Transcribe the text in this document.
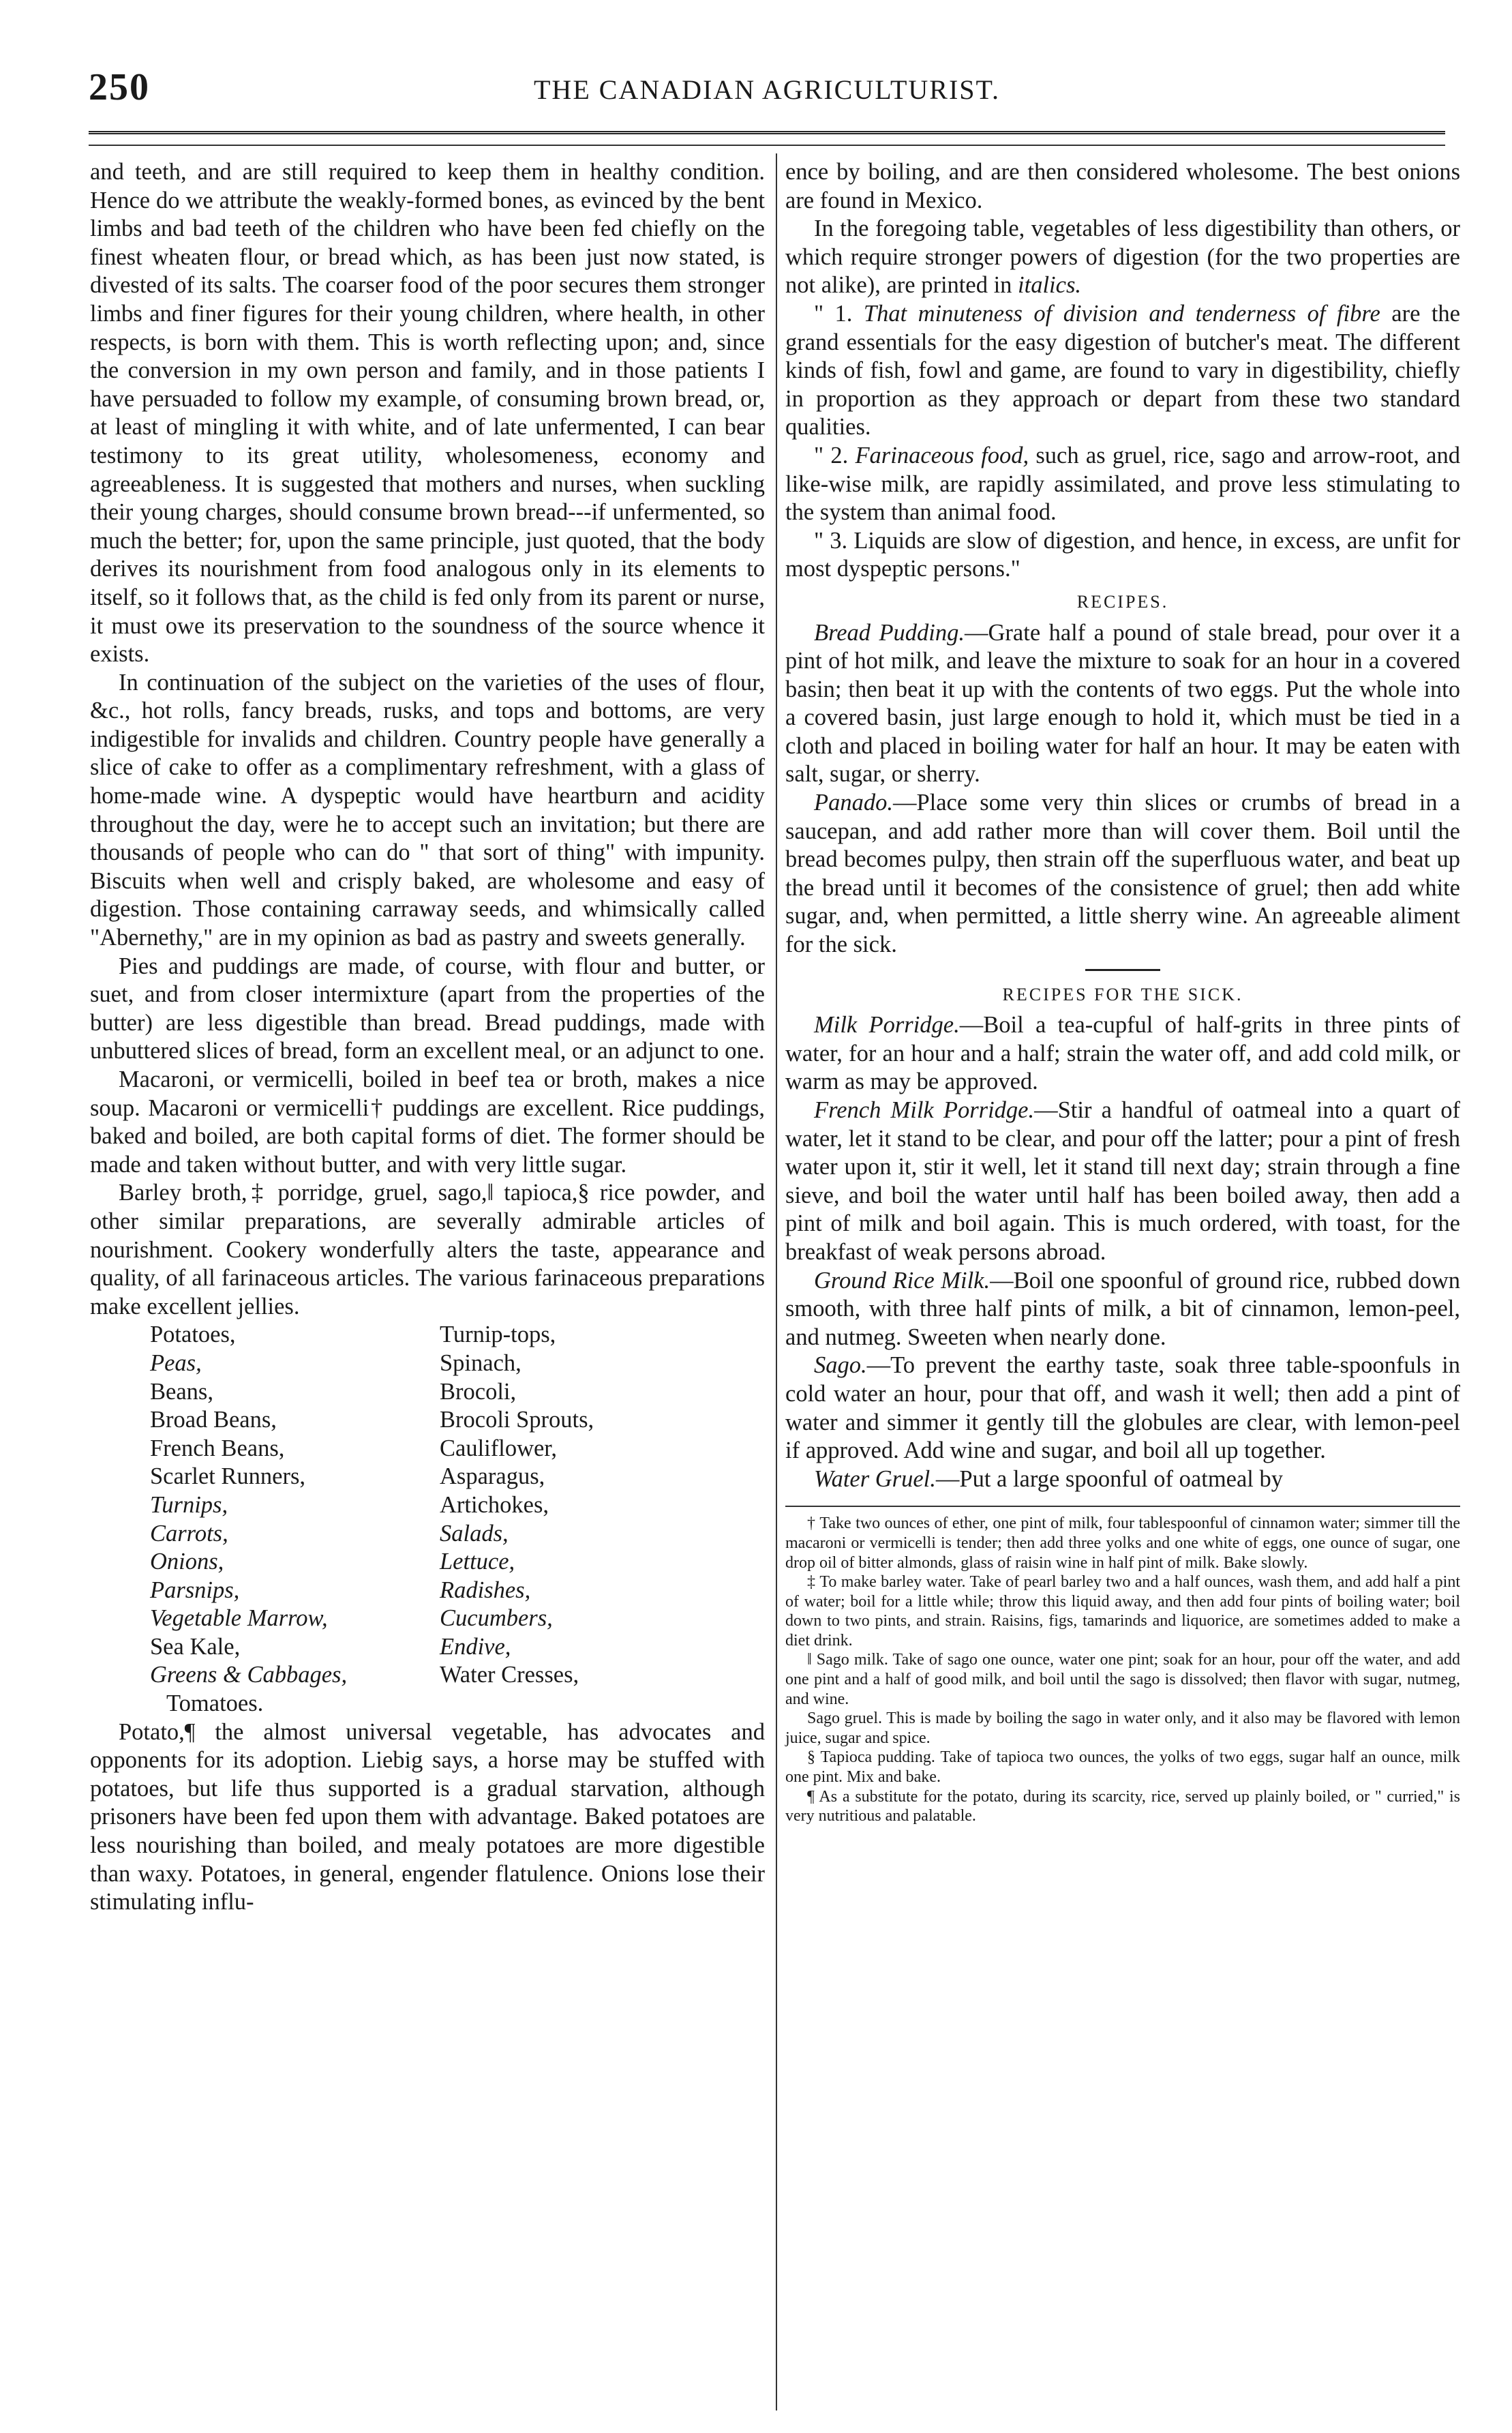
250	THE CANADIAN AGRICULTURIST.

and teeth, and are still required to keep them in healthy condition. Hence do we attribute the weakly-formed bones, as evinced by the bent limbs and bad teeth of the children who have been fed chiefly on the finest wheaten flour, or bread which, as has been just now stated, is divested of its salts. The coarser food of the poor secures them stronger limbs and finer figures for their young children, where health, in other respects, is born with them. This is worth reflecting upon; and, since the conversion in my own person and family, and in those patients I have persuaded to follow my example, of consuming brown bread, or, at least of mingling it with white, and of late unfermented, I can bear testimony to its great utility, wholesomeness, economy and agreeableness. It is suggested that mothers and nurses, when suckling their young charges, should consume brown bread---if unfermented, so much the better; for, upon the same principle, just quoted, that the body derives its nourishment from food analogous only in its elements to itself, so it follows that, as the child is fed only from its parent or nurse, it must owe its preservation to the soundness of the source whence it exists.

In continuation of the subject on the varieties of the uses of flour, &c., hot rolls, fancy breads, rusks, and tops and bottoms, are very indigestible for invalids and children. Country people have generally a slice of cake to offer as a complimentary refreshment, with a glass of home-made wine. A dyspeptic would have heartburn and acidity throughout the day, were he to accept such an invitation; but there are thousands of people who can do " that sort of thing" with impunity. Biscuits when well and crisply baked, are wholesome and easy of digestion. Those containing carraway seeds, and whimsically called "Abernethy," are in my opinion as bad as pastry and sweets generally.

Pies and puddings are made, of course, with flour and butter, or suet, and from closer intermixture (apart from the properties of the butter) are less digestible than bread. Bread puddings, made with unbuttered slices of bread, form an excellent meal, or an adjunct to one.

Macaroni, or vermicelli, boiled in beef tea or broth, makes a nice soup. Macaroni or vermicelli† puddings are excellent. Rice puddings, baked and boiled, are both capital forms of diet. The former should be made and taken without butter, and with very little sugar.

Barley broth,‡ porridge, gruel, sago,‖ tapioca,§ rice powder, and other similar preparations, are severally admirable articles of nourishment. Cookery wonderfully alters the taste, appearance and quality, of all farinaceous articles. The various farinaceous preparations make excellent jellies.

Potatoes,	Turnip-tops,
Peas,	Spinach,
Beans,	Brocoli,
Broad Beans,	Brocoli Sprouts,
French Beans,	Cauliflower,
Scarlet Runners,	Asparagus,
Turnips,	Artichokes,
Carrots,	Salads,
Onions,	Lettuce,
Parsnips,	Radishes,
Vegetable Marrow,	Cucumbers,
Sea Kale,	Endive,
Greens & Cabbages,	Water Cresses,
Tomatoes.

Potato,¶ the almost universal vegetable, has advocates and opponents for its adoption. Liebig says, a horse may be stuffed with potatoes, but life thus supported is a gradual starvation, although prisoners have been fed upon them with advantage. Baked potatoes are less nourishing than boiled, and mealy potatoes are more digestible than waxy. Potatoes, in general, engender flatulence. Onions lose their stimulating influ-

ence by boiling, and are then considered wholesome. The best onions are found in Mexico.

In the foregoing table, vegetables of less digestibility than others, or which require stronger powers of digestion (for the two properties are not alike), are printed in italics.

" 1. That minuteness of division and tenderness of fibre are the grand essentials for the easy digestion of butcher's meat. The different kinds of fish, fowl and game, are found to vary in digestibility, chiefly in proportion as they approach or depart from these two standard qualities.

" 2. Farinaceous food, such as gruel, rice, sago and arrow-root, and like-wise milk, are rapidly assimilated, and prove less stimulating to the system than animal food.

" 3. Liquids are slow of digestion, and hence, in excess, are unfit for most dyspeptic persons."

RECIPES.

Bread Pudding.—Grate half a pound of stale bread, pour over it a pint of hot milk, and leave the mixture to soak for an hour in a covered basin; then beat it up with the contents of two eggs. Put the whole into a covered basin, just large enough to hold it, which must be tied in a cloth and placed in boiling water for half an hour. It may be eaten with salt, sugar, or sherry.

Panado.—Place some very thin slices or crumbs of bread in a saucepan, and add rather more than will cover them. Boil until the bread becomes pulpy, then strain off the superfluous water, and beat up the bread until it becomes of the consistence of gruel; then add white sugar, and, when permitted, a little sherry wine. An agreeable aliment for the sick.

RECIPES FOR THE SICK.

Milk Porridge.—Boil a tea-cupful of half-grits in three pints of water, for an hour and a half; strain the water off, and add cold milk, or warm as may be approved.

French Milk Porridge.—Stir a handful of oatmeal into a quart of water, let it stand to be clear, and pour off the latter; pour a pint of fresh water upon it, stir it well, let it stand till next day; strain through a fine sieve, and boil the water until half has been boiled away, then add a pint of milk and boil again. This is much ordered, with toast, for the breakfast of weak persons abroad.

Ground Rice Milk.—Boil one spoonful of ground rice, rubbed down smooth, with three half pints of milk, a bit of cinnamon, lemon-peel, and nutmeg. Sweeten when nearly done.

Sago.—To prevent the earthy taste, soak three table-spoonfuls in cold water an hour, pour that off, and wash it well; then add a pint of water and simmer it gently till the globules are clear, with lemon-peel if approved. Add wine and sugar, and boil all up together.

Water Gruel.—Put a large spoonful of oatmeal by

† Take two ounces of ether, one pint of milk, four tablespoonful of cinnamon water; simmer till the macaroni or vermicelli is tender; then add three yolks and one white of eggs, one ounce of sugar, one drop oil of bitter almonds, glass of raisin wine in half pint of milk. Bake slowly.

‡ To make barley water. Take of pearl barley two and a half ounces, wash them, and add half a pint of water; boil for a little while; throw this liquid away, and then add four pints of boiling water; boil down to two pints, and strain. Raisins, figs, tamarinds and liquorice, are sometimes added to make a diet drink.

‖ Sago milk. Take of sago one ounce, water one pint; soak for an hour, pour off the water, and add one pint and a half of good milk, and boil until the sago is dissolved; then flavor with sugar, nutmeg, and wine.

Sago gruel. This is made by boiling the sago in water only, and it also may be flavored with lemon juice, sugar and spice.

§ Tapioca pudding. Take of tapioca two ounces, the yolks of two eggs, sugar half an ounce, milk one pint. Mix and bake.

¶ As a substitute for the potato, during its scarcity, rice, served up plainly boiled, or " curried," is very nutritious and palatable.
